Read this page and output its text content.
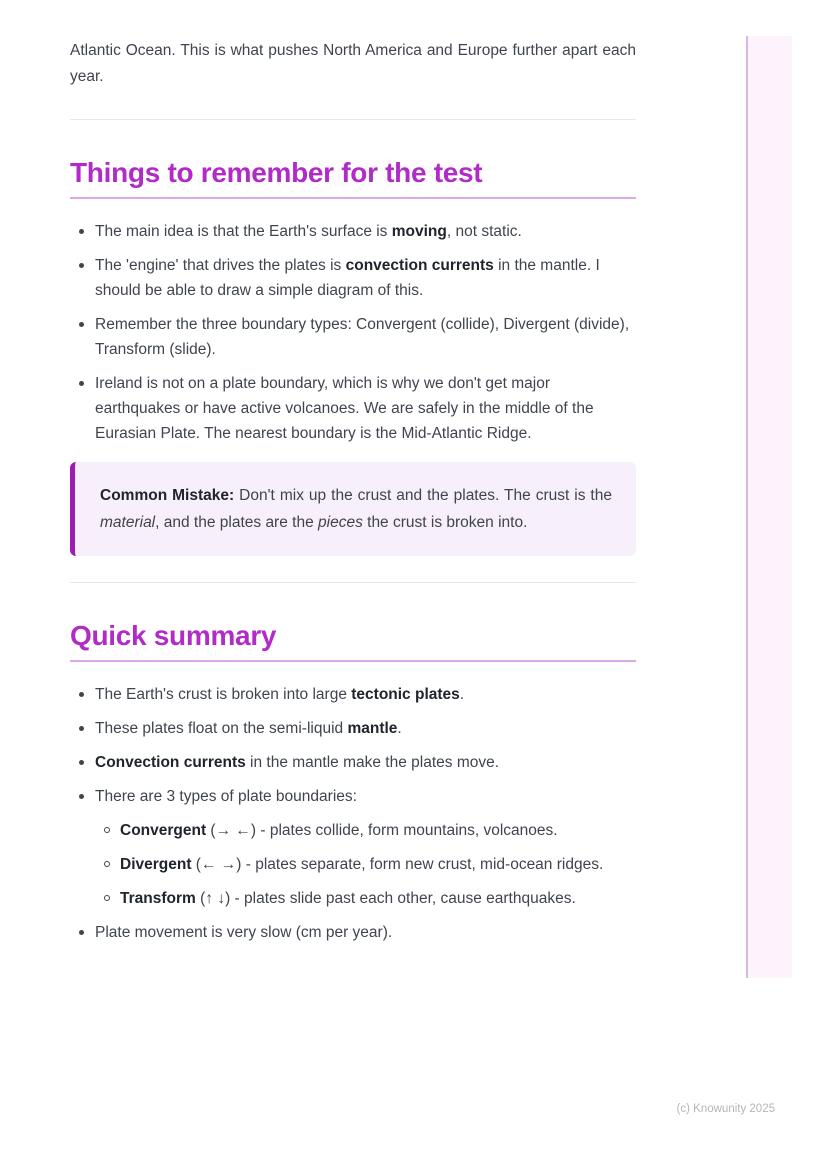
Atlantic Ocean. This is what pushes North America and Europe further apart each year.

Things to remember for the test
The main idea is that the Earth's surface is moving, not static.
The 'engine' that drives the plates is convection currents in the mantle. I should be able to draw a simple diagram of this.
Remember the three boundary types: Convergent (collide), Divergent (divide), Transform (slide).
Ireland is not on a plate boundary, which is why we don't get major earthquakes or have active volcanoes. We are safely in the middle of the Eurasian Plate. The nearest boundary is the Mid-Atlantic Ridge.

Common Mistake: Don't mix up the crust and the plates. The crust is the material, and the plates are the pieces the crust is broken into.

Quick summary
The Earth's crust is broken into large tectonic plates.
These plates float on the semi-liquid mantle.
Convection currents in the mantle make the plates move.
There are 3 types of plate boundaries:
Convergent (→ ←) - plates collide, form mountains, volcanoes.
Divergent (← →) - plates separate, form new crust, mid-ocean ridges.
Transform (↑ ↓) - plates slide past each other, cause earthquakes.
Plate movement is very slow (cm per year).
(c) Knowunity 2025
